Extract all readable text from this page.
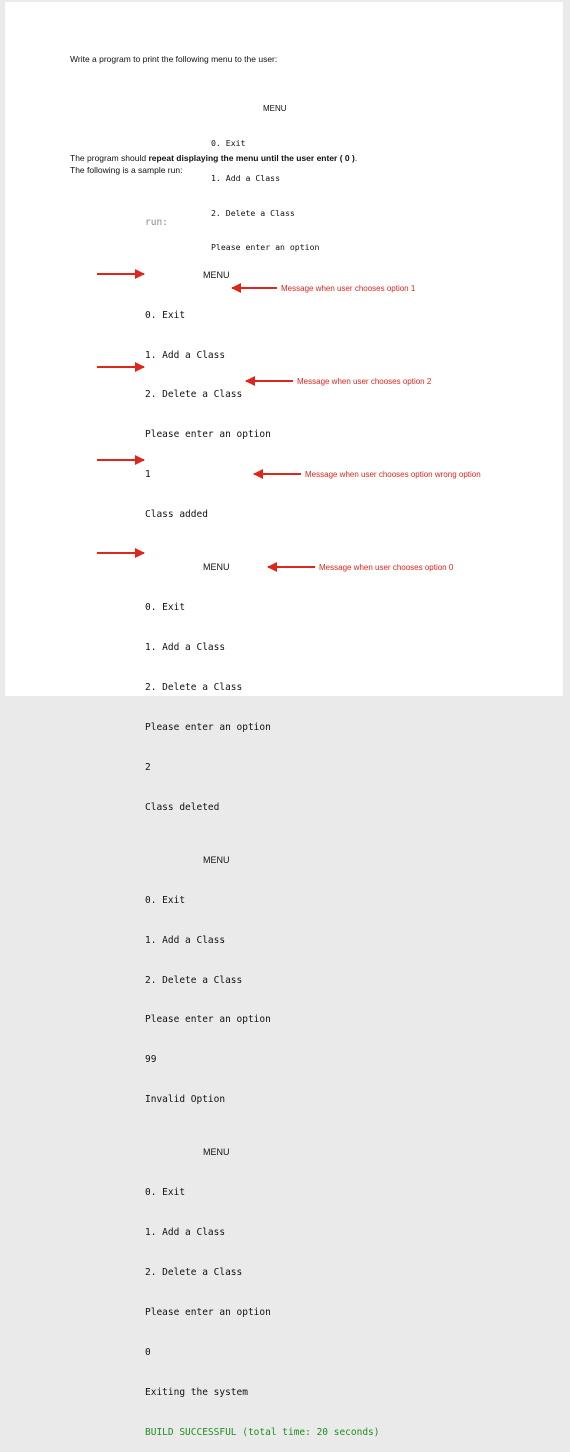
Write a program to print the following menu to the user:

MENU

0. Exit

1. Add a Class

2. Delete a Class

Please enter an option

The program should repeat displaying the menu until the user enter ( 0 ).
The following is a sample run:

run:

MENU

0. Exit

1. Add a Class

2. Delete a Class

Please enter an option

1

Class added

MENU

0. Exit

1. Add a Class

2. Delete a Class

Please enter an option

2

Class deleted

MENU

0. Exit

1. Add a Class

2. Delete a Class

Please enter an option

99

Invalid Option

MENU

0. Exit

1. Add a Class

2. Delete a Class

Please enter an option

0

Exiting the system

BUILD SUCCESSFUL (total time: 20 seconds)

Message when user chooses option 1
Message when user chooses option 2
Message when user chooses option wrong option
Message when user chooses option 0
